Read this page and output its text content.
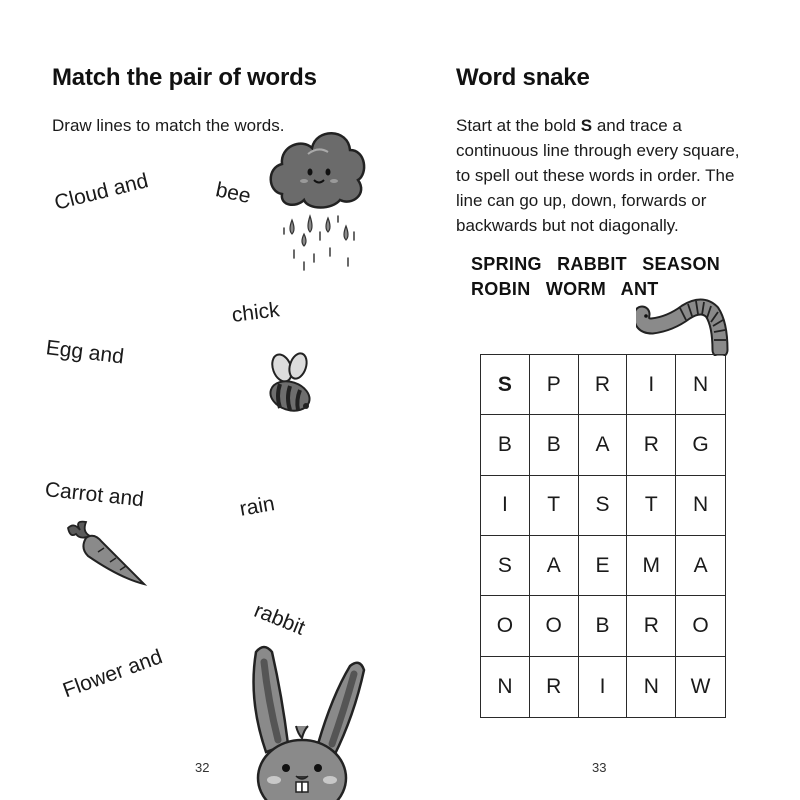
Match the pair of words
Draw lines to match the words.
Cloud and	bee
Egg and
chick
Carrot and	rain
rabbit
Flower and
32
Word snake
Start at the bold S and trace a continuous line through every square, to spell out these words in order. The line can go up, down, forwards or backwards but not diagonally.
33
SPRING RABBIT SEASON
ROBIN WORM ANT
S	P	R	I	N
B	B	A	R	G
I	T	S	T	N
S	A	E	M	A
O	O	B	R	O
N	R	I	N	W
